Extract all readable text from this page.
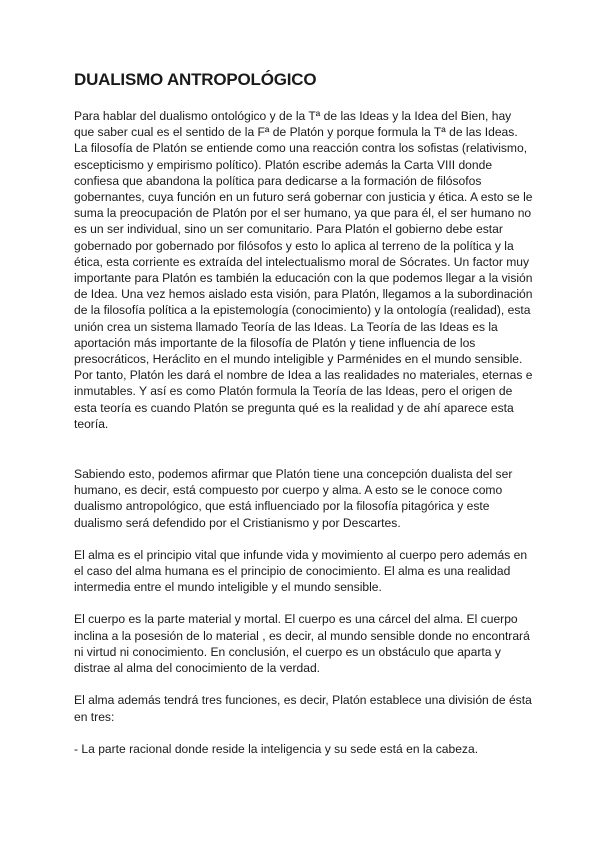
DUALISMO ANTROPOLÓGICO

Para hablar del dualismo ontológico y de la Tª de las Ideas y la Idea del Bien, hay que saber cual es el sentido de la Fª de Platón y porque formula la Tª de las Ideas. La filosofía de Platón se entiende como una reacción contra los sofistas (relativismo, escepticismo y empirismo político). Platón escribe además la Carta VIII donde confiesa que abandona la política para dedicarse a la formación de filósofos gobernantes, cuya función en un futuro será gobernar con justicia y ética. A esto se le suma la preocupación de Platón por el ser humano, ya que para él, el ser humano no es un ser individual, sino un ser comunitario. Para Platón el gobierno debe estar gobernado por gobernado por filósofos y esto lo aplica al terreno de la política y la ética, esta corriente es extraída del intelectualismo moral de Sócrates. Un factor muy importante para Platón es también la educación con la que podemos llegar a la visión de Idea. Una vez hemos aislado esta visión, para Platón, llegamos a la subordinación de la filosofía política a la epistemología (conocimiento) y la ontología (realidad), esta unión crea un sistema llamado Teoría de las Ideas. La Teoría de las Ideas es la aportación más importante de la filosofía de Platón y tiene influencia de los presocráticos, Heráclito en el mundo inteligible y Parménides en el mundo sensible. Por tanto, Platón les dará el nombre de Idea a las realidades no materiales, eternas e inmutables. Y así es como Platón formula la Teoría de las Ideas, pero el origen de esta teoría es cuando Platón se pregunta qué es la realidad y de ahí aparece esta teoría.

Sabiendo esto, podemos afirmar que Platón tiene una concepción dualista del ser humano, es decir, está compuesto por cuerpo y alma. A esto se le conoce como dualismo antropológico, que está influenciado por la filosofía pitagórica y este dualismo será defendido por el Cristianismo y por Descartes.

El alma es el principio vital que infunde vida y movimiento al cuerpo pero además en el caso del alma humana es el principio de conocimiento. El alma es una realidad intermedia entre el mundo inteligible y el mundo sensible.

El cuerpo es la parte material y mortal. El cuerpo es una cárcel del alma. El cuerpo inclina a la posesión de lo material , es decir, al mundo sensible donde no encontrará ni virtud ni conocimiento. En conclusión, el cuerpo es un obstáculo que aparta y distrae al alma del conocimiento de la verdad.

El alma además tendrá tres funciones, es decir, Platón establece una división de ésta en tres:

- La parte racional donde reside la inteligencia y su sede está en la cabeza.
